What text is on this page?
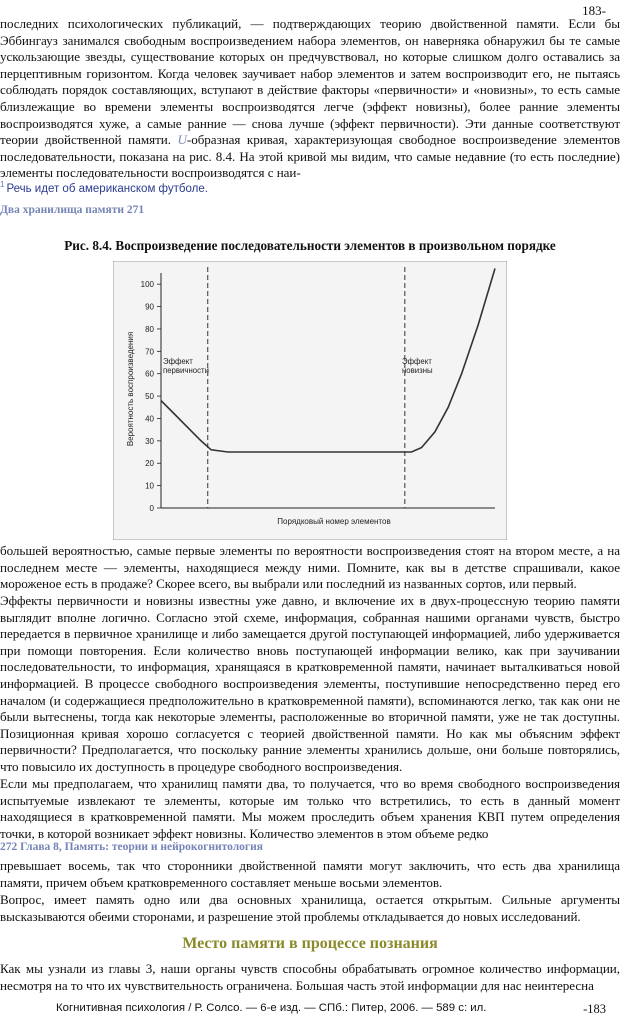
183-
последних психологических публикаций, — подтверждающих теорию двойственной памяти. Если бы Эббингауз занимался свободным воспроизведением набора элементов, он наверняка обнаружил бы те самые ускользающие звезды, существование которых он предчувствовал, но которые слишком долго оставались за перцептивным горизонтом. Когда человек заучивает набор элементов и затем воспроизводит его, не пытаясь соблюдать порядок составляющих, вступают в действие факторы «первичности» и «новизны», то есть самые близлежащие во времени элементы воспроизводятся легче (эффект новизны), более ранние элементы воспроизводятся хуже, а самые ранние — снова лучше (эффект первичности). Эти данные соответствуют теории двойственной памяти. U-образная кривая, характеризующая свободное воспроизведение элементов последовательности, показана на рис. 8.4. На этой кривой мы видим, что самые недавние (то есть последние) элементы последовательности воспроизводятся с наи-
$^1$ Речь идет об американском футболе.
Два хранилища памяти 271
Рис. 8.4. Воспроизведение последовательности элементов в произвольном порядке
0
10
20
30
40
50
60
70
80
90
100
Вероятность воспроизведения
Порядковый номер элементов
Эффект первичности
Эффект новизны
большей вероятностью, самые первые элементы по вероятности воспроизведения стоят на втором месте, а на последнем месте — элементы, находящиеся между ними. Помните, как вы в детстве спрашивали, какое мороженое есть в продаже? Скорее всего, вы выбрали или последний из названных сортов, или первый.
Эффекты первичности и новизны известны уже давно, и включение их в двух-процессную теорию памяти выглядит вполне логично. Согласно этой схеме, информация, собранная нашими органами чувств, быстро передается в первичное хранилище и либо замещается другой поступающей информацией, либо удерживается при помощи повторения. Если количество вновь поступающей информации велико, как при заучивании последовательности, то информация, хранящаяся в кратковременной памяти, начинает выталкиваться новой информацией. В процессе свободного воспроизведения элементы, поступившие непосредственно перед его началом (и содержащиеся предположительно в кратковременной памяти), вспоминаются легко, так как они не были вытеснены, тогда как некоторые элементы, расположенные во вторичной памяти, уже не так доступны. Позиционная кривая хорошо согласуется с теорией двойственной памяти. Но как мы объясним эффект первичности? Предполагается, что поскольку ранние элементы хранились дольше, они больше повторялись, что повысило их доступность в процедуре свободного воспроизведения.
Если мы предполагаем, что хранилищ памяти два, то получается, что во время свободного воспроизведения испытуемые извлекают те элементы, которые им только что встретились, то есть в данный момент находящиеся в кратковременной памяти. Мы можем проследить объем хранения КВП путем определения точки, в которой возникает эффект новизны. Количество элементов в этом объеме редко
272 Глава 8, Память: теории и нейрокогнитология
превышает восемь, так что сторонники двойственной памяти могут заключить, что есть два хранилища памяти, причем объем кратковременного составляет меньше восьми элементов.
Вопрос, имеет память одно или два основных хранилища, остается открытым. Сильные аргументы высказываются обеими сторонами, и разрешение этой проблемы откладывается до новых исследований.
Место памяти в процессе познания
Как мы узнали из главы 3, наши органы чувств способны обрабатывать огромное количество информации, несмотря на то что их чувствительность ограничена. Большая часть этой информации для нас неинтересна
Когнитивная психология / Р. Солсо. — 6-е изд. — СПб.: Питер, 2006. — 589 с: ил.	-183
